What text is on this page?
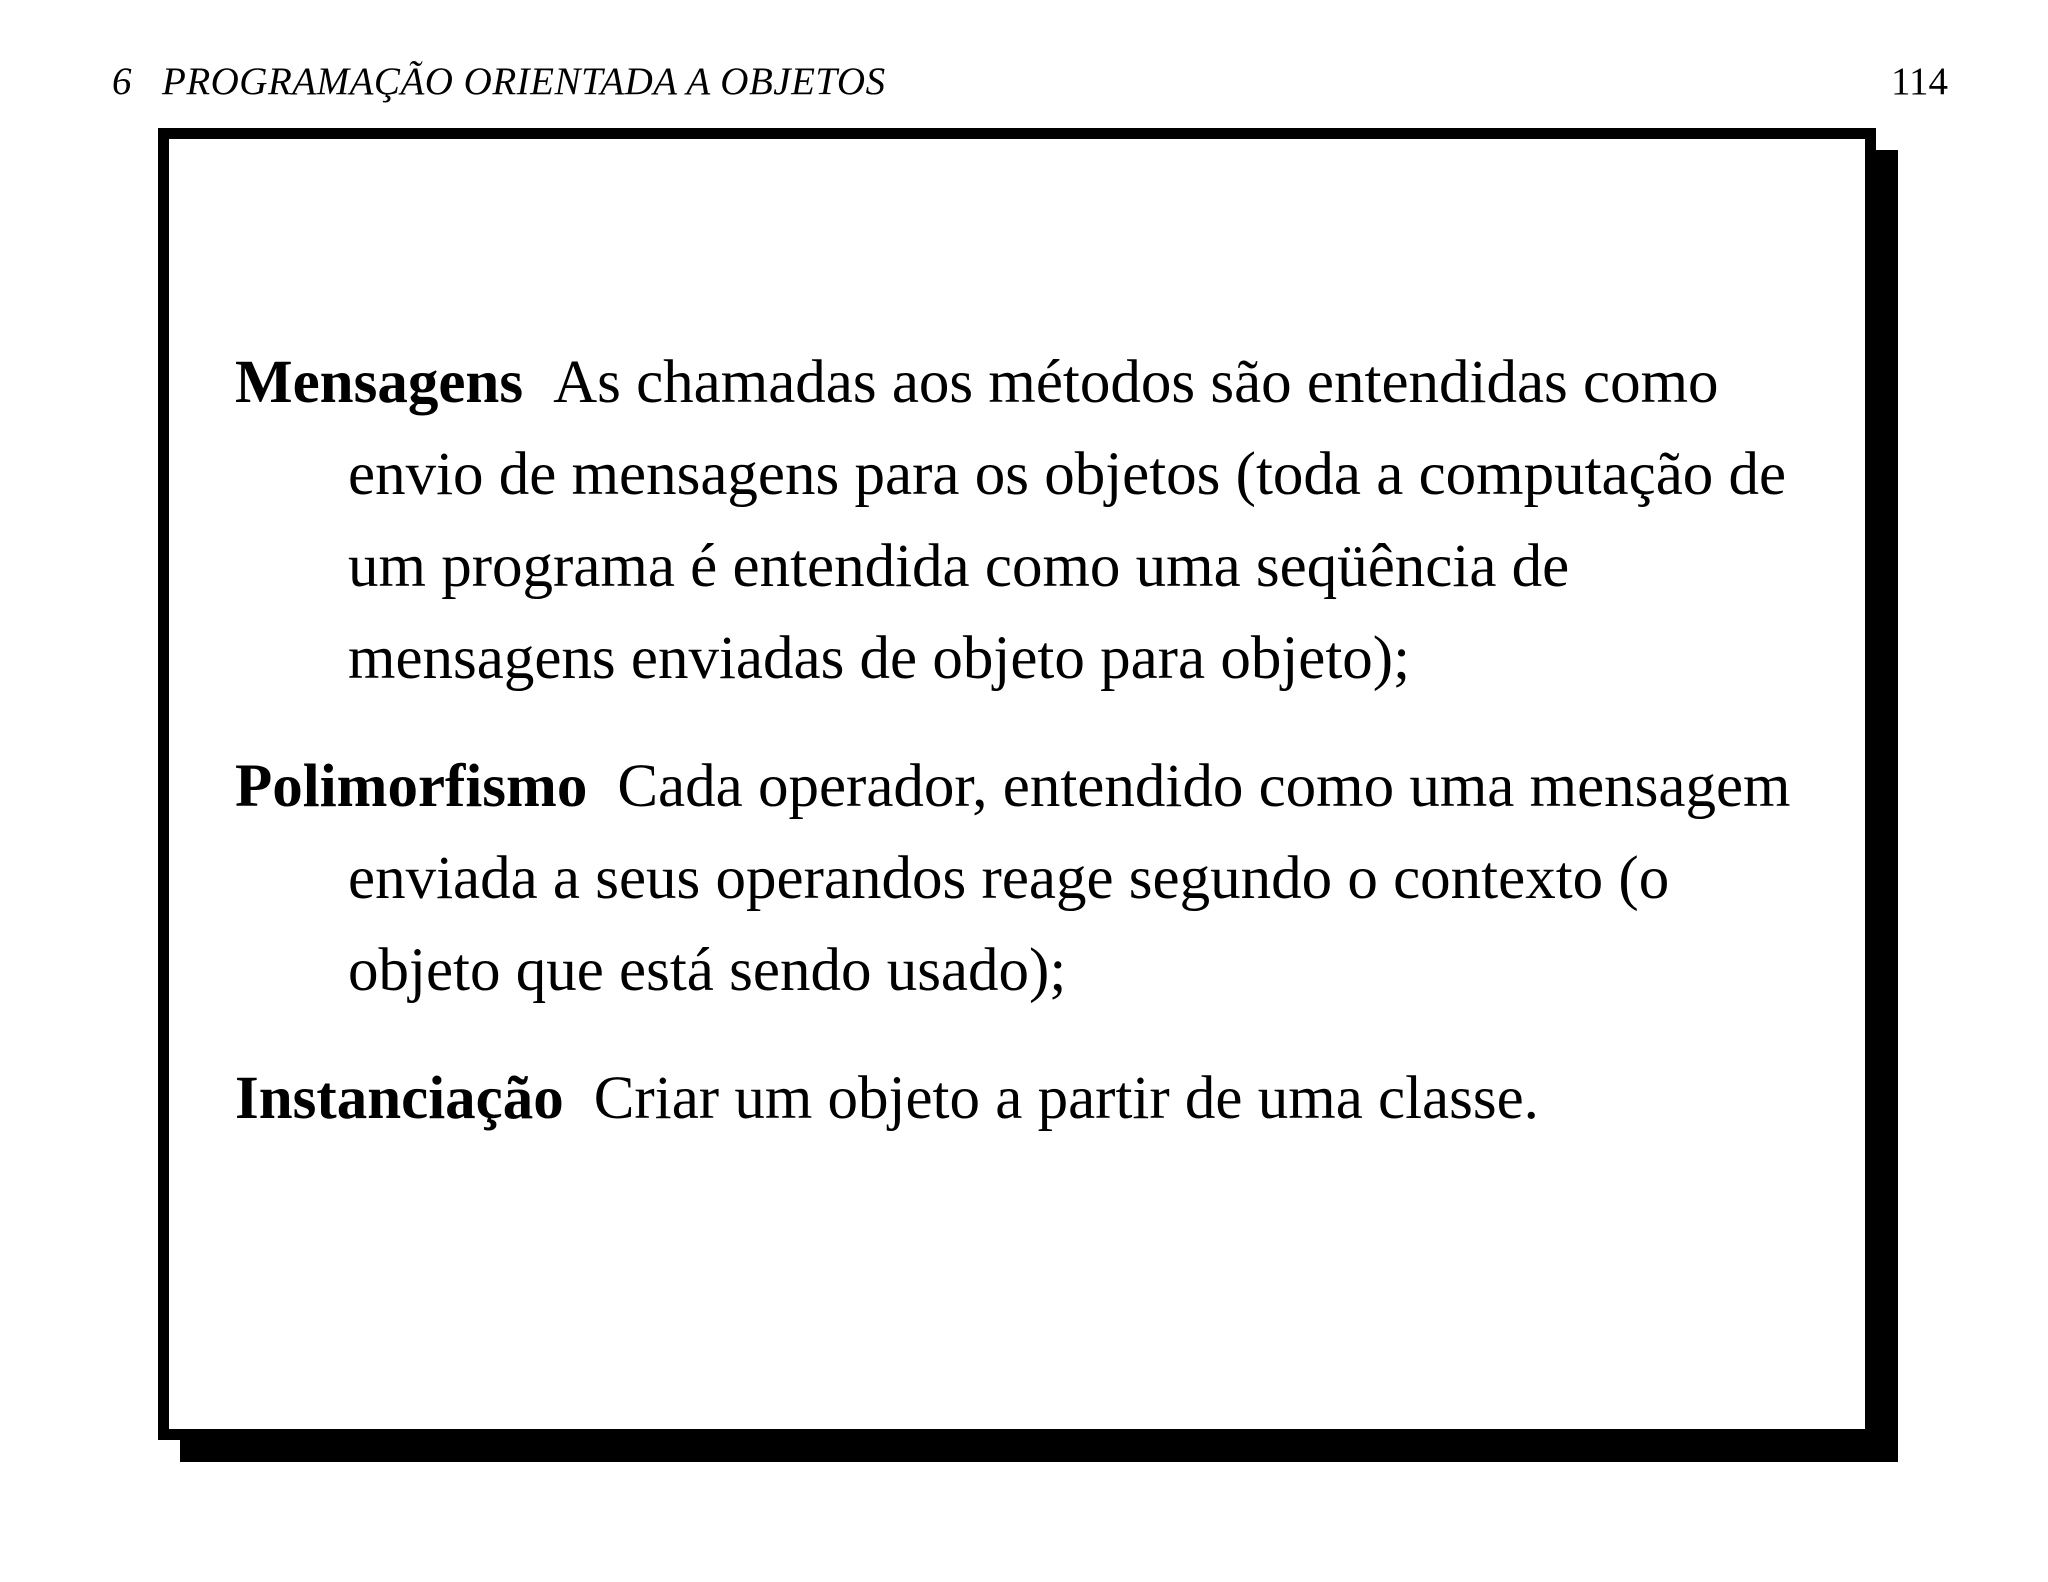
6 PROGRAMAÇÃO ORIENTADA A OBJETOS	114

Mensagens As chamadas aos métodos são entendidas como envio de mensagens para os objetos (toda a computação de um programa é entendida como uma seqüência de mensagens enviadas de objeto para objeto);

Polimorfismo Cada operador, entendido como uma mensagem enviada a seus operandos reage segundo o contexto (o objeto que está sendo usado);

Instanciação Criar um objeto a partir de uma classe.
